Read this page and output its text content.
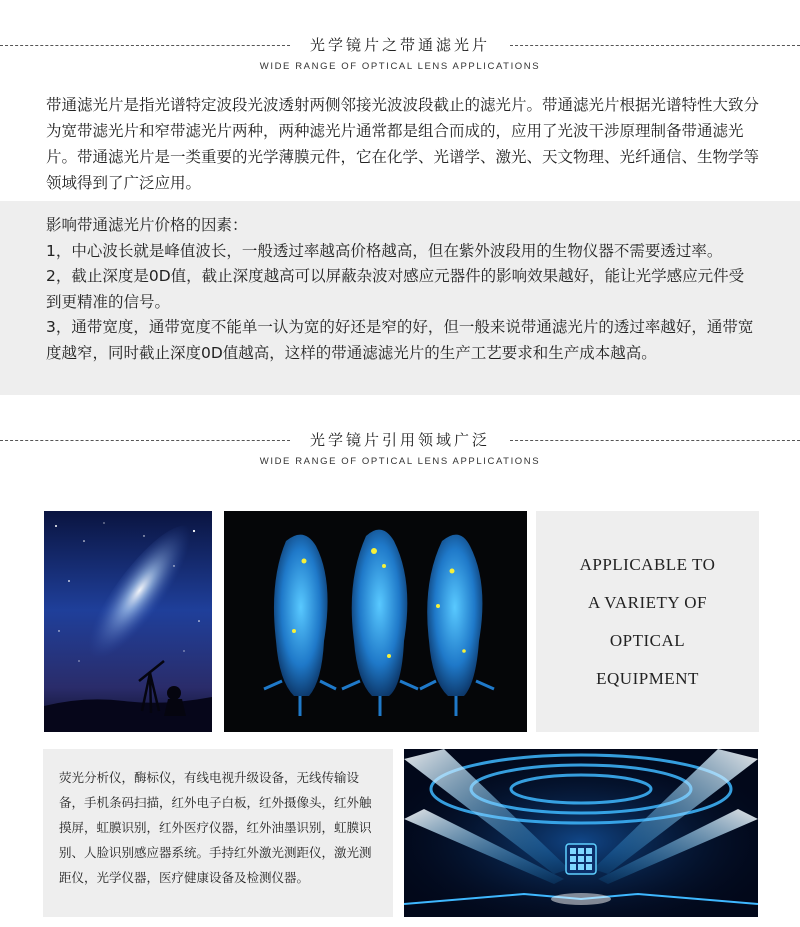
光学镜片之带通滤光片
WIDE RANGE OF OPTICAL LENS APPLICATIONS

带通滤光片是指光谱特定波段光波透射两侧邻接光波波段截止的滤光片。带通滤光片根据光谱特性大致分为宽带滤光片和窄带滤光片两种，两种滤光片通常都是组合而成的，应用了光波干涉原理制备带通滤光片。带通滤光片是一类重要的光学薄膜元件，它在化学、光谱学、激光、天文物理、光纤通信、生物学等领域得到了广泛应用。

影响带通滤光片价格的因素：
1，中心波长就是峰值波长，一般透过率越高价格越高，但在紫外波段用的生物仪器不需要透过率。
2，截止深度是0D值，截止深度越高可以屏蔽杂波对感应元器件的影响效果越好，能让光学感应元件受到更精准的信号。
3，通带宽度，通带宽度不能单一认为宽的好还是窄的好，但一般来说带通滤光片的透过率越好，通带宽度越窄，同时截止深度0D值越高，这样的带通滤滤光片的生产工艺要求和生产成本越高。
光学镜片引用领域广泛
WIDE RANGE OF OPTICAL LENS APPLICATIONS
APPLICABLE TO
A VARIETY OF
OPTICAL
EQUIPMENT

荧光分析仪，酶标仪，有线电视升级设备，无线传输设备，手机条码扫描，红外电子白板，红外摄像头，红外触摸屏，虹膜识别，红外医疗仪器，红外油墨识别，虹膜识别、人脸识别感应器系统。手持红外激光测距仪，激光测距仪，光学仪器，医疗健康设备及检测仪器。
